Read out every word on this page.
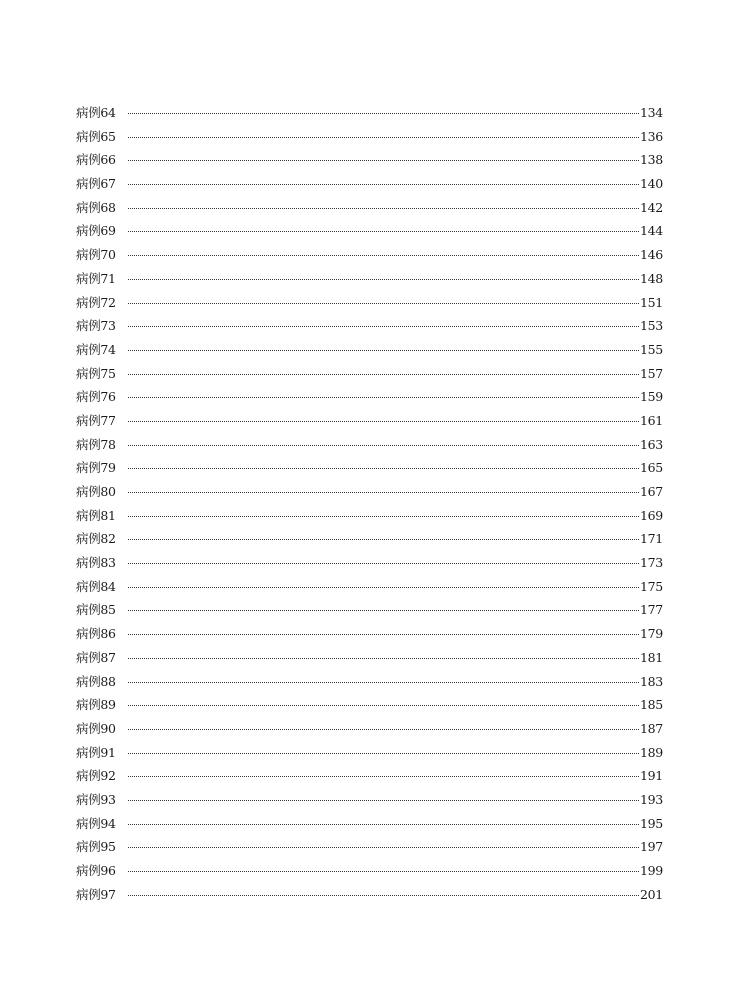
病例64	134
病例65	136
病例66	138
病例67	140
病例68	142
病例69	144
病例70	146
病例71	148
病例72	151
病例73	153
病例74	155
病例75	157
病例76	159
病例77	161
病例78	163
病例79	165
病例80	167
病例81	169
病例82	171
病例83	173
病例84	175
病例85	177
病例86	179
病例87	181
病例88	183
病例89	185
病例90	187
病例91	189
病例92	191
病例93	193
病例94	195
病例95	197
病例96	199
病例97	201
